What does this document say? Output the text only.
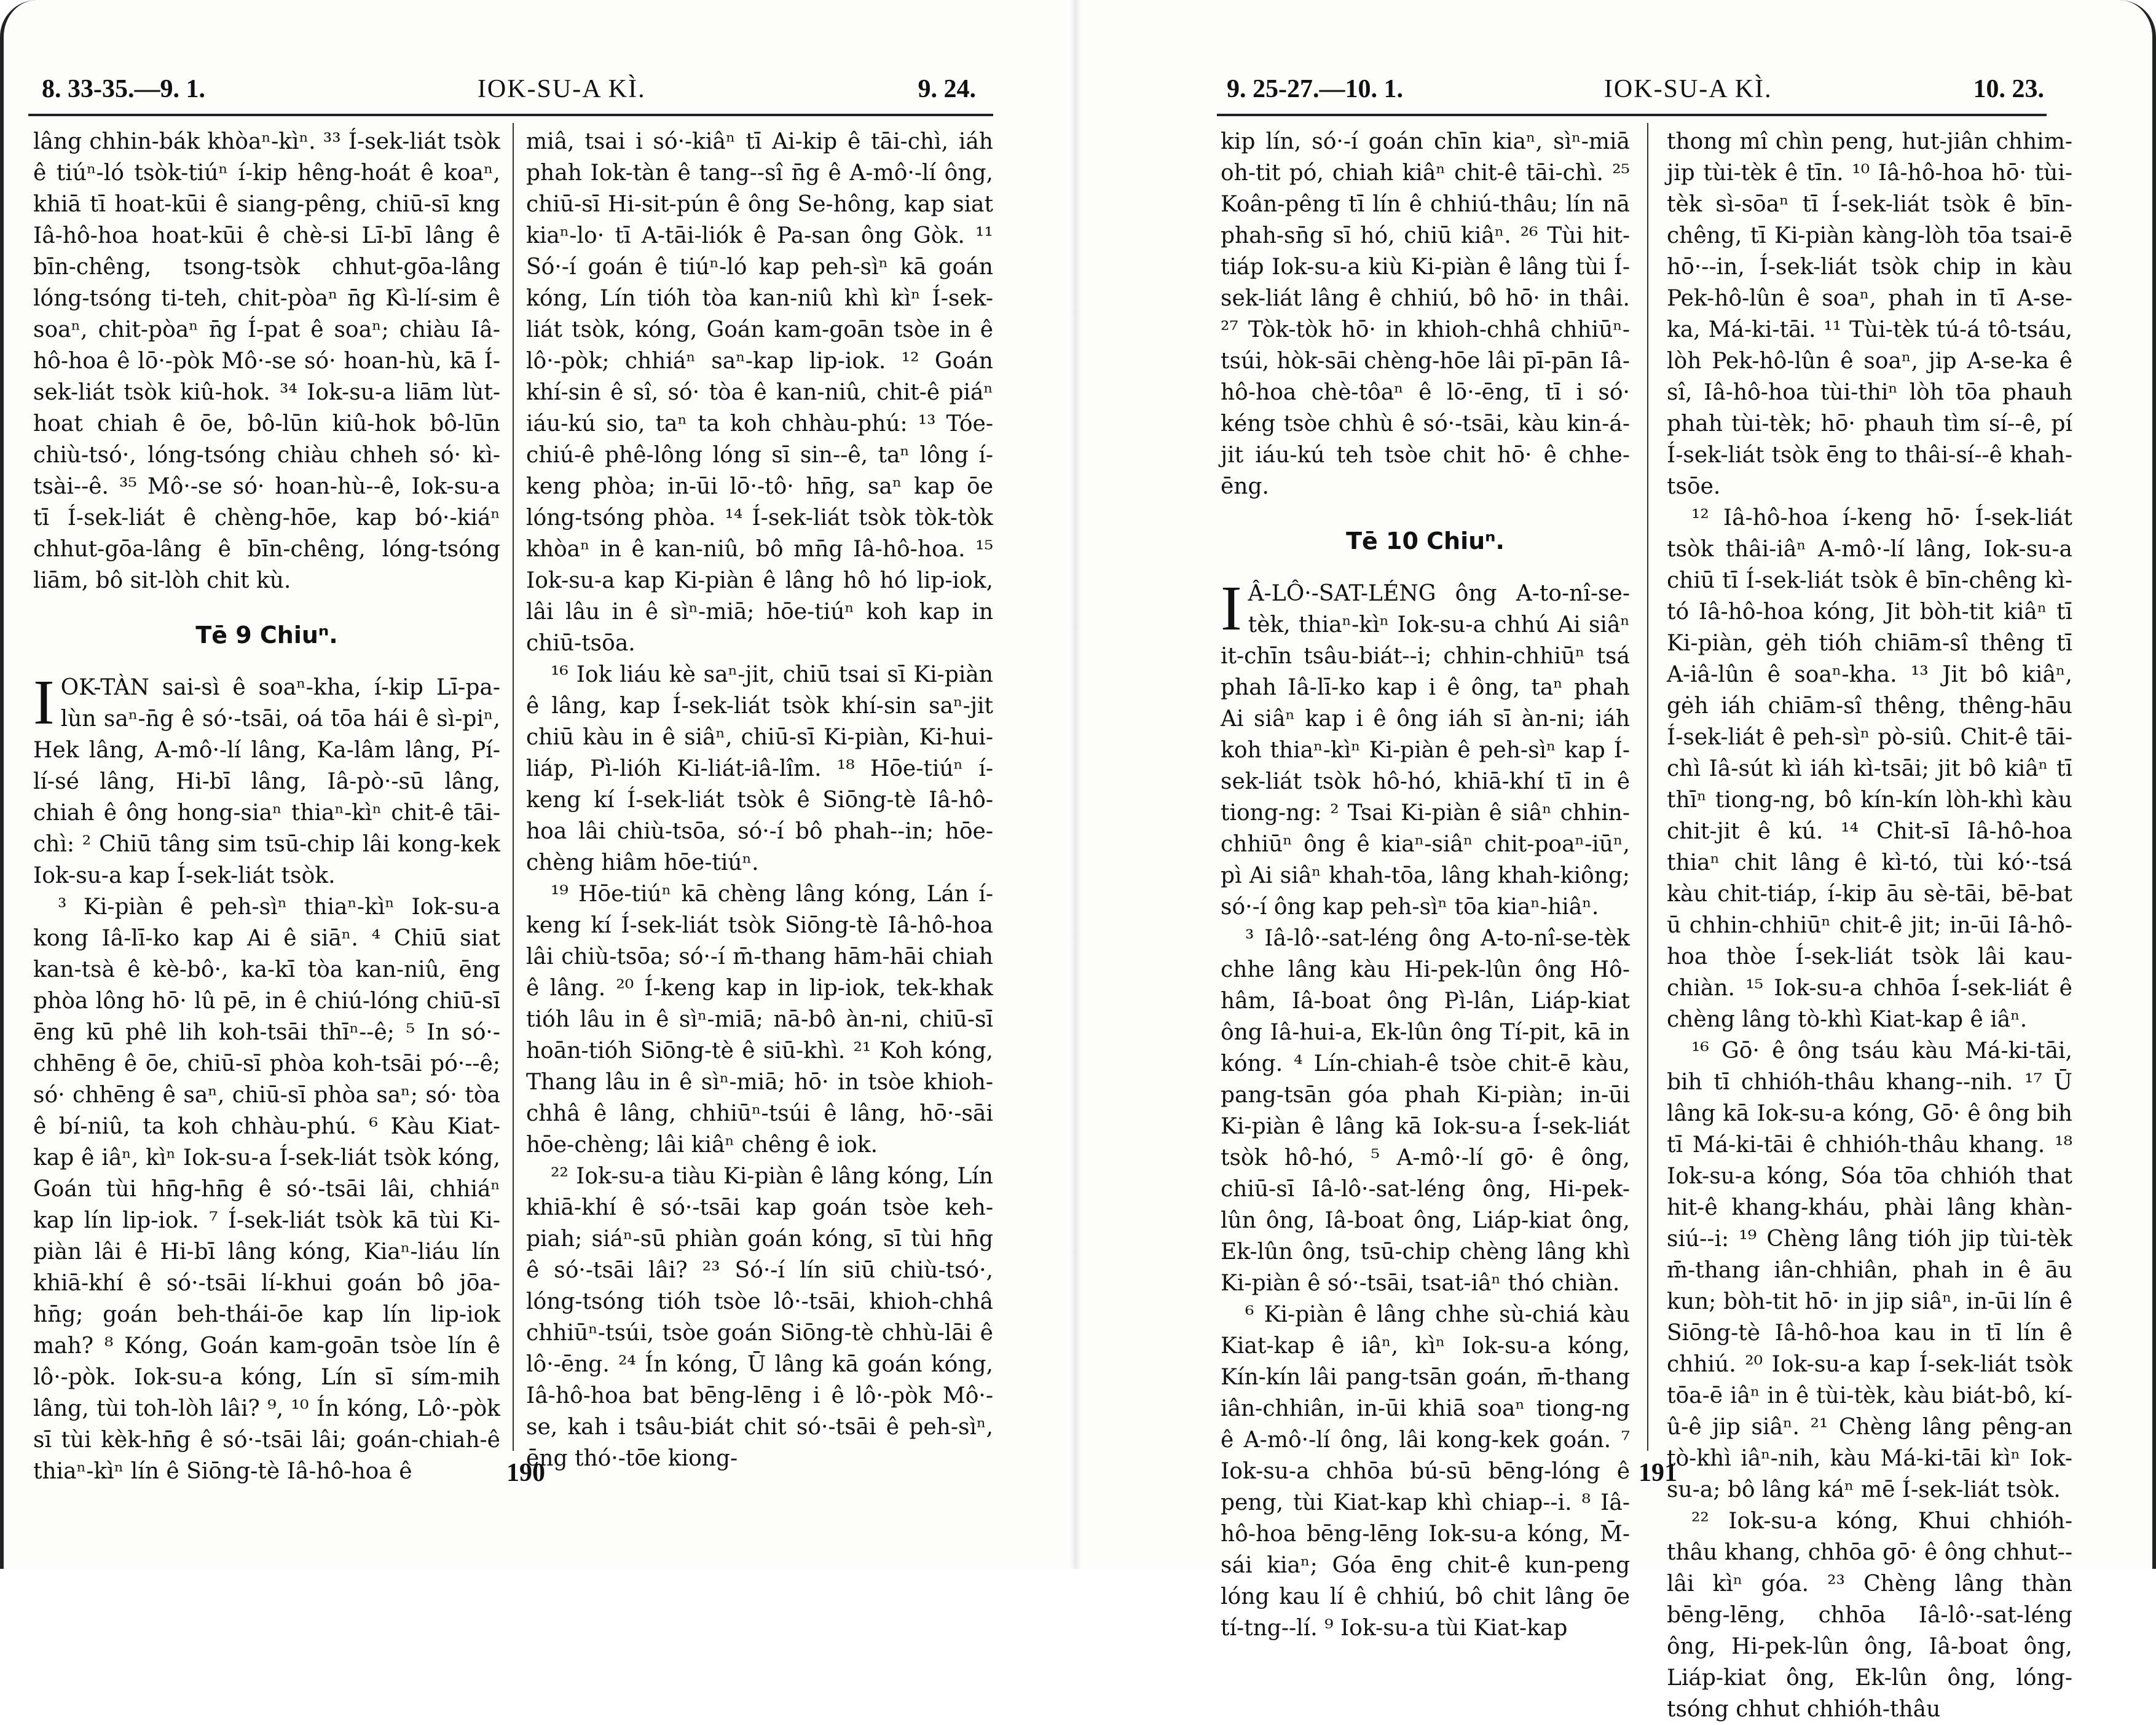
8. 33-35.—9. 1.	IOK-SU-A KÌ.	9. 24.

lâng chhin-bák khòaⁿ-kìⁿ. ³³ Í-sek-liát tsòk ê tiúⁿ-ló tsòk-tiúⁿ í-kip hêng-hoát ê koaⁿ, khiā tī hoat-kūi ê siang-pêng, chiū-sī kng Iâ-hô-hoa hoat-kūi ê chè-si Lī-bī lâng ê bīn-chêng, tsong-tsòk chhut-gōa-lâng lóng-tsóng ti-teh, chit-pòaⁿ n̄g Kì-lí-sim ê soaⁿ, chit-pòaⁿ n̄g Í-pat ê soaⁿ; chiàu Iâ-hô-hoa ê lō·-pòk Mô·-se só· hoan-hù, kā Í-sek-liát tsòk kiû-hok. ³⁴ Iok-su-a liām lùt-hoat chiah ê ōe, bô-lūn kiû-hok bô-lūn chiù-tsó·, lóng-tsóng chiàu chheh só· kì-tsài--ê. ³⁵ Mô·-se só· hoan-hù--ê, Iok-su-a tī Í-sek-liát ê chèng-hōe, kap bó·-kiáⁿ chhut-gōa-lâng ê bīn-chêng, lóng-tsóng liām, bô sit-lòh chit kù.

Tē 9 Chiuⁿ.

IOK-TÀN sai-sì ê soaⁿ-kha, í-kip Lī-pa-lùn saⁿ-n̄g ê só·-tsāi, oá tōa hái ê sì-piⁿ, Hek lâng, A-mô·-lí lâng, Ka-lâm lâng, Pí-lí-sé lâng, Hi-bī lâng, Iâ-pò·-sū lâng, chiah ê ông hong-siaⁿ thiaⁿ-kìⁿ chit-ê tāi-chì: ² Chiū tâng sim tsū-chip lâi kong-kek Iok-su-a kap Í-sek-liát tsòk.

³ Ki-piàn ê peh-sìⁿ thiaⁿ-kìⁿ Iok-su-a kong Iâ-lī-ko kap Ai ê siāⁿ. ⁴ Chiū siat kan-tsà ê kè-bô·, ka-kī tòa kan-niû, ēng phòa lông hō· lû pē, in ê chiú-lóng chiū-sī ēng kū phê lih koh-tsāi thīⁿ--ê; ⁵ In só·-chhēng ê ōe, chiū-sī phòa koh-tsāi pó·--ê; só· chhēng ê saⁿ, chiū-sī phòa saⁿ; só· tòa ê bí-niû, ta koh chhàu-phú. ⁶ Kàu Kiat-kap ê iâⁿ, kìⁿ Iok-su-a Í-sek-liát tsòk kóng, Goán tùi hn̄g-hn̄g ê só·-tsāi lâi, chhiáⁿ kap lín lip-iok. ⁷ Í-sek-liát tsòk kā tùi Ki-piàn lâi ê Hi-bī lâng kóng, Kiaⁿ-liáu lín khiā-khí ê só·-tsāi lí-khui goán bô jōa-hn̄g; goán beh-thái-ōe kap lín lip-iok mah? ⁸ Kóng, Goán kam-goān tsòe lín ê lô·-pòk. Iok-su-a kóng, Lín sī sím-mih lâng, tùi toh-lòh lâi? ⁹, ¹⁰ Ín kóng, Lô·-pòk sī tùi kèk-hn̄g ê só·-tsāi lâi; goán-chiah-ê thiaⁿ-kìⁿ lín ê Siōng-tè Iâ-hô-hoa ê

miâ, tsai i só·-kiâⁿ tī Ai-kip ê tāi-chì, iáh phah Iok-tàn ê tang--sî n̄g ê A-mô·-lí ông, chiū-sī Hi-sit-pún ê ông Se-hông, kap siat kiaⁿ-lo· tī A-tāi-liók ê Pa-san ông Gòk. ¹¹ Só·-í goán ê tiúⁿ-ló kap peh-sìⁿ kā goán kóng, Lín tióh tòa kan-niû khì kìⁿ Í-sek-liát tsòk, kóng, Goán kam-goān tsòe in ê lô·-pòk; chhiáⁿ saⁿ-kap lip-iok. ¹² Goán khí-sin ê sî, só· tòa ê kan-niû, chit-ê piáⁿ iáu-kú sio, taⁿ ta koh chhàu-phú: ¹³ Tóe-chiú-ê phê-lông lóng sī sin--ê, taⁿ lông í-keng phòa; in-ūi lō·-tô· hn̄g, saⁿ kap ōe lóng-tsóng phòa. ¹⁴ Í-sek-liát tsòk tòk-tòk khòaⁿ in ê kan-niû, bô mn̄g Iâ-hô-hoa. ¹⁵ Iok-su-a kap Ki-piàn ê lâng hô hó lip-iok, lâi lâu in ê sìⁿ-miā; hōe-tiúⁿ koh kap in chiū-tsōa.

¹⁶ Iok liáu kè saⁿ-jit, chiū tsai sī Ki-piàn ê lâng, kap Í-sek-liát tsòk khí-sin saⁿ-jit chiū kàu in ê siâⁿ, chiū-sī Ki-piàn, Ki-hui-liáp, Pì-lióh Ki-liát-iâ-lîm. ¹⁸ Hōe-tiúⁿ í-keng kí Í-sek-liát tsòk ê Siōng-tè Iâ-hô-hoa lâi chiù-tsōa, só·-í bô phah--in; hōe-chèng hiâm hōe-tiúⁿ.

¹⁹ Hōe-tiúⁿ kā chèng lâng kóng, Lán í-keng kí Í-sek-liát tsòk Siōng-tè Iâ-hô-hoa lâi chiù-tsōa; só·-í m̄-thang hām-hāi chiah ê lâng. ²⁰ Í-keng kap in lip-iok, tek-khak tióh lâu in ê sìⁿ-miā; nā-bô àn-ni, chiū-sī hoān-tióh Siōng-tè ê siū-khì. ²¹ Koh kóng, Thang lâu in ê sìⁿ-miā; hō· in tsòe khioh-chhâ ê lâng, chhiūⁿ-tsúi ê lâng, hō·-sāi hōe-chèng; lâi kiâⁿ chêng ê iok.

²² Iok-su-a tiàu Ki-piàn ê lâng kóng, Lín khiā-khí ê só·-tsāi kap goán tsòe keh-piah; siáⁿ-sū phiàn goán kóng, sī tùi hn̄g ê só·-tsāi lâi? ²³ Só·-í lín siū chiù-tsó·, lóng-tsóng tióh tsòe lô·-tsāi, khioh-chhâ chhiūⁿ-tsúi, tsòe goán Siōng-tè chhù-lāi ê lô·-ēng. ²⁴ Ín kóng, Ū lâng kā goán kóng, Iâ-hô-hoa bat bēng-lēng i ê lô·-pòk Mô·-se, kah i tsâu-biát chit só·-tsāi ê peh-sìⁿ, ēng thó·-tōe kiong-

190
9. 25-27.—10. 1.	IOK-SU-A KÌ.	10. 23.

kip lín, só·-í goán chīn kiaⁿ, sìⁿ-miā oh-tit pó, chiah kiâⁿ chit-ê tāi-chì. ²⁵ Koân-pêng tī lín ê chhiú-thâu; lín nā phah-sn̄g sī hó, chiū kiâⁿ. ²⁶ Tùi hit-tiáp Iok-su-a kiù Ki-piàn ê lâng tùi Í-sek-liát lâng ê chhiú, bô hō· in thâi. ²⁷ Tòk-tòk hō· in khioh-chhâ chhiūⁿ-tsúi, hòk-sāi chèng-hōe lâi pī-pān Iâ-hô-hoa chè-tôaⁿ ê lō·-ēng, tī i só· kéng tsòe chhù ê só·-tsāi, kàu kin-á-jit iáu-kú teh tsòe chit hō· ê chhe-ēng.

Tē 10 Chiuⁿ.

I Â-LÔ·-SAT-LÉNG ông A-to-nî-se-tèk, thiaⁿ-kìⁿ Iok-su-a chhú Ai siâⁿ it-chīn tsâu-biát--i; chhin-chhiūⁿ tsá phah Iâ-lī-ko kap i ê ông, taⁿ phah Ai siâⁿ kap i ê ông iáh sī àn-ni; iáh koh thiaⁿ-kìⁿ Ki-piàn ê peh-sìⁿ kap Í-sek-liát tsòk hô-hó, khiā-khí tī in ê tiong-ng: ² Tsai Ki-piàn ê siâⁿ chhin-chhiūⁿ ông ê kiaⁿ-siâⁿ chit-poaⁿ-iūⁿ, pì Ai siâⁿ khah-tōa, lâng khah-kiông; só·-í ông kap peh-sìⁿ tōa kiaⁿ-hiâⁿ.

³ Iâ-lô·-sat-léng ông A-to-nî-se-tèk chhe lâng kàu Hi-pek-lûn ông Hô-hâm, Iâ-boat ông Pì-lân, Liáp-kiat ông Iâ-hui-a, Ek-lûn ông Tí-pit, kā in kóng. ⁴ Lín-chiah-ê tsòe chit-ē kàu, pang-tsān góa phah Ki-piàn; in-ūi Ki-piàn ê lâng kā Iok-su-a Í-sek-liát tsòk hô-hó, ⁵ A-mô·-lí gō· ê ông, chiū-sī Iâ-lô·-sat-léng ông, Hi-pek-lûn ông, Iâ-boat ông, Liáp-kiat ông, Ek-lûn ông, tsū-chip chèng lâng khì Ki-piàn ê só·-tsāi, tsat-iâⁿ thó chiàn.

⁶ Ki-piàn ê lâng chhe sù-chiá kàu Kiat-kap ê iâⁿ, kìⁿ Iok-su-a kóng, Kín-kín lâi pang-tsān goán, m̄-thang iân-chhiân, in-ūi khiā soaⁿ tiong-ng ê A-mô·-lí ông, lâi kong-kek goán. ⁷ Iok-su-a chhōa bú-sū bēng-lóng ê peng, tùi Kiat-kap khì chiap--i. ⁸ Iâ-hô-hoa bēng-lēng Iok-su-a kóng, M̄-sái kiaⁿ; Góa ēng chit-ê kun-peng lóng kau lí ê chhiú, bô chit lâng ōe tí-tng--lí. ⁹ Iok-su-a tùi Kiat-kap

thong mî chìn peng, hut-jiân chhim-jip tùi-tèk ê tīn. ¹⁰ Iâ-hô-hoa hō· tùi-tèk sì-sōaⁿ tī Í-sek-liát tsòk ê bīn-chêng, tī Ki-piàn kàng-lòh tōa tsai-ē hō·--in, Í-sek-liát tsòk chip in kàu Pek-hô-lûn ê soaⁿ, phah in tī A-se-ka, Má-ki-tāi. ¹¹ Tùi-tèk tú-á tô-tsáu, lòh Pek-hô-lûn ê soaⁿ, jip A-se-ka ê sî, Iâ-hô-hoa tùi-thiⁿ lòh tōa phauh phah tùi-tèk; hō· phauh tìm sí--ê, pí Í-sek-liát tsòk ēng to thâi-sí--ê khah-tsōe.

¹² Iâ-hô-hoa í-keng hō· Í-sek-liát tsòk thâi-iâⁿ A-mô·-lí lâng, Iok-su-a chiū tī Í-sek-liát tsòk ê bīn-chêng kì-tó Iâ-hô-hoa kóng, Jit bòh-tit kiâⁿ tī Ki-piàn, gėh tióh chiām-sî thêng tī A-iâ-lûn ê soaⁿ-kha. ¹³ Jit bô kiâⁿ, gėh iáh chiām-sî thêng, thêng-hāu Í-sek-liát ê peh-sìⁿ pò-siû. Chit-ê tāi-chì Iâ-sút kì iáh kì-tsāi; jit bô kiâⁿ tī thīⁿ tiong-ng, bô kín-kín lòh-khì kàu chit-jit ê kú. ¹⁴ Chit-sī Iâ-hô-hoa thiaⁿ chit lâng ê kì-tó, tùi kó·-tsá kàu chit-tiáp, í-kip āu sè-tāi, bē-bat ū chhin-chhiūⁿ chit-ê jit; in-ūi Iâ-hô-hoa thòe Í-sek-liát tsòk lâi kau-chiàn. ¹⁵ Iok-su-a chhōa Í-sek-liát ê chèng lâng tò-khì Kiat-kap ê iâⁿ.

¹⁶ Gō· ê ông tsáu kàu Má-ki-tāi, bih tī chhióh-thâu khang--nih. ¹⁷ Ū lâng kā Iok-su-a kóng, Gō· ê ông bih tī Má-ki-tāi ê chhióh-thâu khang. ¹⁸ Iok-su-a kóng, Sóa tōa chhióh that hit-ê khang-kháu, phài lâng khàn-siú--i: ¹⁹ Chèng lâng tióh jip tùi-tèk m̄-thang iân-chhiân, phah in ê āu kun; bòh-tit hō· in jip siâⁿ, in-ūi lín ê Siōng-tè Iâ-hô-hoa kau in tī lín ê chhiú. ²⁰ Iok-su-a kap Í-sek-liát tsòk tōa-ē iâⁿ in ê tùi-tèk, kàu biát-bô, kí-û-ê jip siâⁿ. ²¹ Chèng lâng pêng-an tò-khì iâⁿ-nih, kàu Má-ki-tāi kìⁿ Iok-su-a; bô lâng káⁿ mē Í-sek-liát tsòk.

²² Iok-su-a kóng, Khui chhióh-thâu khang, chhōa gō· ê ông chhut--lâi kìⁿ góa. ²³ Chèng lâng thàn bēng-lēng, chhōa Iâ-lô·-sat-léng ông, Hi-pek-lûn ông, Iâ-boat ông, Liáp-kiat ông, Ek-lûn ông, lóng-tsóng chhut chhióh-thâu

191
